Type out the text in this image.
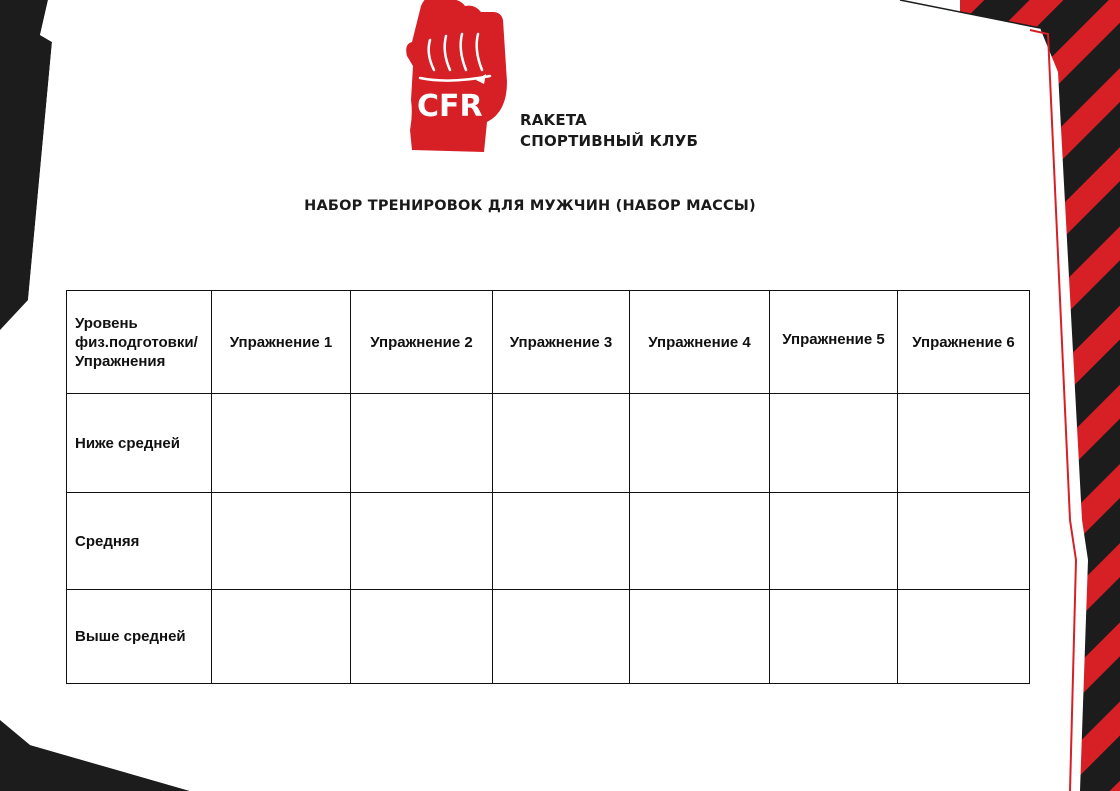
CFR RAKETA
СПОРТИВНЫЙ КЛУБ
НАБОР ТРЕНИРОВОК ДЛЯ МУЖЧИН (НАБОР МАССЫ)
Уровень физ.подготовки/ Упражнения	Упражнение 1	Упражнение 2	Упражнение 3	Упражнение 4	Упражнение 5	Упражнение 6
Ниже средней						
Средняя						
Выше средней						
